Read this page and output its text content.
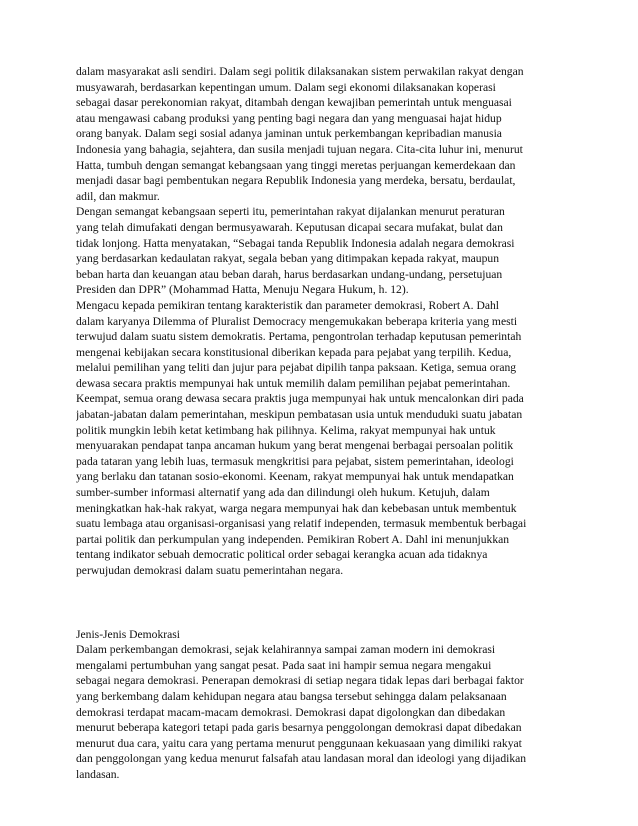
dalam masyarakat asli sendiri. Dalam segi politik dilaksanakan sistem perwakilan rakyat dengan
musyawarah, berdasarkan kepentingan umum. Dalam segi ekonomi dilaksanakan koperasi
sebagai dasar perekonomian rakyat, ditambah dengan kewajiban pemerintah untuk menguasai
atau mengawasi cabang produksi yang penting bagi negara dan yang menguasai hajat hidup
orang banyak. Dalam segi sosial adanya jaminan untuk perkembangan kepribadian manusia
Indonesia yang bahagia, sejahtera, dan susila menjadi tujuan negara. Cita-cita luhur ini, menurut
Hatta, tumbuh dengan semangat kebangsaan yang tinggi meretas perjuangan kemerdekaan dan
menjadi dasar bagi pembentukan negara Republik Indonesia yang merdeka, bersatu, berdaulat,
adil, dan makmur.
Dengan semangat kebangsaan seperti itu, pemerintahan rakyat dijalankan menurut peraturan
yang telah dimufakati dengan bermusyawarah. Keputusan dicapai secara mufakat, bulat dan
tidak lonjong. Hatta menyatakan, “Sebagai tanda Republik Indonesia adalah negara demokrasi
yang berdasarkan kedaulatan rakyat, segala beban yang ditimpakan kepada rakyat, maupun
beban harta dan keuangan atau beban darah, harus berdasarkan undang-undang, persetujuan
Presiden dan DPR” (Mohammad Hatta, Menuju Negara Hukum, h. 12).
Mengacu kepada pemikiran tentang karakteristik dan parameter demokrasi, Robert A. Dahl
dalam karyanya Dilemma of Pluralist Democracy mengemukakan beberapa kriteria yang mesti
terwujud dalam suatu sistem demokratis. Pertama, pengontrolan terhadap keputusan pemerintah
mengenai kebijakan secara konstitusional diberikan kepada para pejabat yang terpilih. Kedua,
melalui pemilihan yang teliti dan jujur para pejabat dipilih tanpa paksaan. Ketiga, semua orang
dewasa secara praktis mempunyai hak untuk memilih dalam pemilihan pejabat pemerintahan.
Keempat, semua orang dewasa secara praktis juga mempunyai hak untuk mencalonkan diri pada
jabatan-jabatan dalam pemerintahan, meskipun pembatasan usia untuk menduduki suatu jabatan
politik mungkin lebih ketat ketimbang hak pilihnya. Kelima, rakyat mempunyai hak untuk
menyuarakan pendapat tanpa ancaman hukum yang berat mengenai berbagai persoalan politik
pada tataran yang lebih luas, termasuk mengkritisi para pejabat, sistem pemerintahan, ideologi
yang berlaku dan tatanan sosio-ekonomi. Keenam, rakyat mempunyai hak untuk mendapatkan
sumber-sumber informasi alternatif yang ada dan dilindungi oleh hukum. Ketujuh, dalam
meningkatkan hak-hak rakyat, warga negara mempunyai hak dan kebebasan untuk membentuk
suatu lembaga atau organisasi-organisasi yang relatif independen, termasuk membentuk berbagai
partai politik dan perkumpulan yang independen. Pemikiran Robert A. Dahl ini menunjukkan
tentang indikator sebuah democratic political order sebagai kerangka acuan ada tidaknya
perwujudan demokrasi dalam suatu pemerintahan negara.
Jenis-Jenis Demokrasi
Dalam perkembangan demokrasi, sejak kelahirannya sampai zaman modern ini demokrasi
mengalami pertumbuhan yang sangat pesat. Pada saat ini hampir semua negara mengakui
sebagai negara demokrasi. Penerapan demokrasi di setiap negara tidak lepas dari berbagai faktor
yang berkembang dalam kehidupan negara atau bangsa tersebut sehingga dalam pelaksanaan
demokrasi terdapat macam-macam demokrasi. Demokrasi dapat digolongkan dan dibedakan
menurut beberapa kategori tetapi pada garis besarnya penggolongan demokrasi dapat dibedakan
menurut dua cara, yaitu cara yang pertama menurut penggunaan kekuasaan yang dimiliki rakyat
dan penggolongan yang kedua menurut falsafah atau landasan moral dan ideologi yang dijadikan
landasan.
